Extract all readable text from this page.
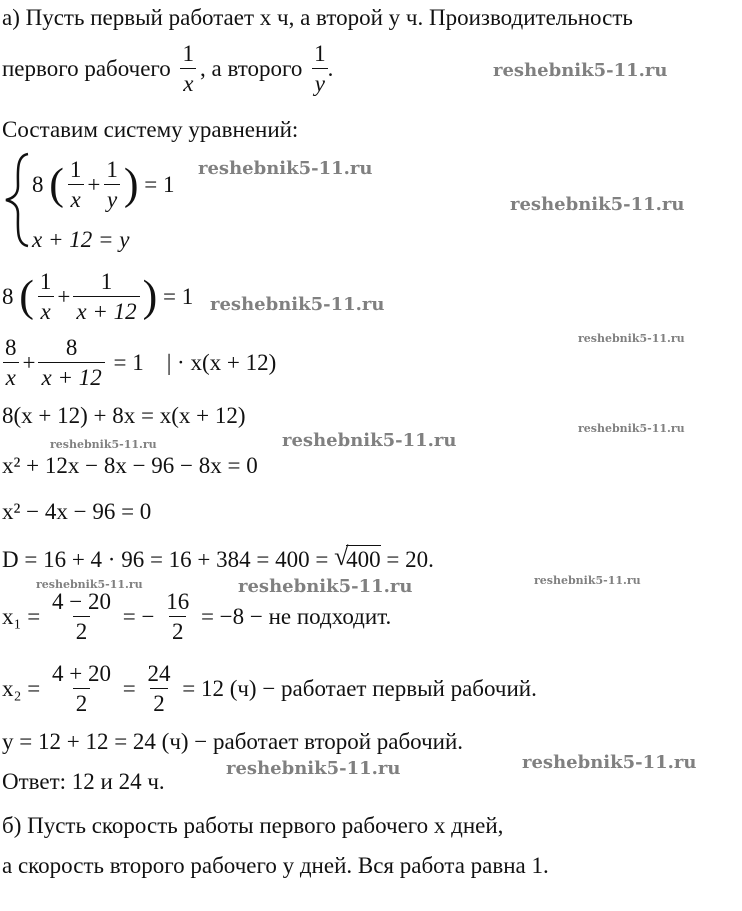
а) Пусть первый работает x ч, а второй y ч. Производительность
первого рабочего $\frac{1}{x}$ , а второго $\frac{1}{y}$ .
Составим систему уравнений:
8 ( $\frac{1}{x} + \frac{1}{y}$ ) = 1
x + 12 = y
8 ( $\frac{1}{x} + \frac{1}{x + 12}$ ) = 1
$\frac{8}{x} + \frac{8}{x + 12} = 1$    | · x(x + 12)
8(x + 12) + 8x = x(x + 12)
x² + 12x − 8x − 96 − 8x = 0
x² − 4x − 96 = 0
D = 16 + 4 · 96 = 16 + 384 = 400 = √
400 = 20.
$x_1 = \frac{4 - 20}{2}$ = − $\frac{16}{2} = -8$ − не подходит.
$x_2 = \frac{4 + 20}{2} = \frac{24}{2} = 12$ (ч) − работает первый рабочий.
y = 12 + 12 = 24 (ч) − работает второй рабочий.
Ответ: 12 и 24 ч.
б) Пусть скорость работы первого рабочего x дней,
а скорость второго рабочего y дней. Вся работа равна 1.
reshebnik5-11.ru
reshebnik5-11.ru
reshebnik5-11.ru
reshebnik5-11.ru
reshebnik5-11.ru
reshebnik5-11.ru
reshebnik5-11.ru
reshebnik5-11.ru
reshebnik5-11.ru
reshebnik5-11.ru	reshebnik5-11.ru
reshebnik5-11.ru	reshebnik5-11.ru
